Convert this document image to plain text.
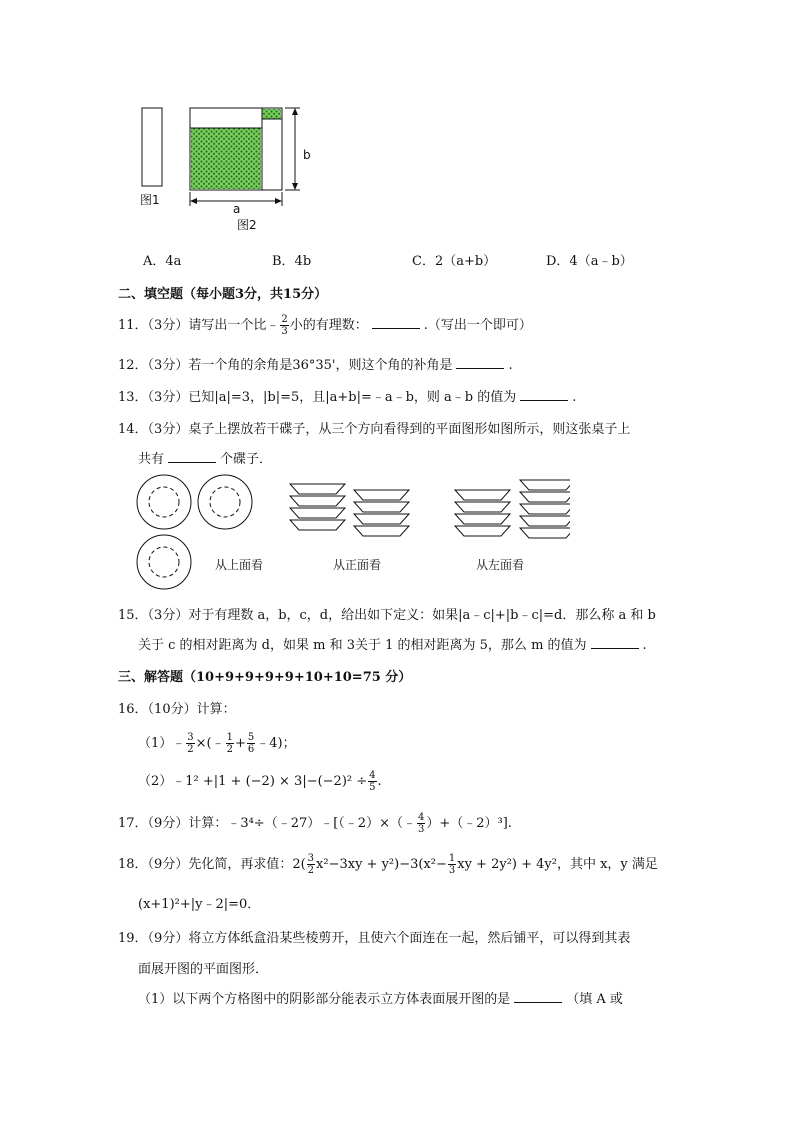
图1
b
a
图2
A．4a	B．4b	C．2（a+b）	D．4（a﹣b）
二、填空题（每小题3分，共15分）
11．（3分）请写出一个比﹣ $\frac{2}{3}$ 小的有理数：	.（写出一个即可）
12．（3分）若一个角的余角是36°35'，则这个角的补角是	.
13．（3分）已知|a|=3，|b|=5，且|a+b|=﹣a﹣b，则 a﹣b 的值为	.
14．（3分）桌子上摆放若干碟子，从三个方向看得到的平面图形如图所示，则这张桌子上
共有	个碟子．
从上面看	从正面看	从左面看
15．（3分）对于有理数 a，b，c，d，给出如下定义：如果|a﹣c|+|b﹣c|=d．那么称 a 和 b
关于 c 的相对距离为 d，如果 m 和 3关于 1 的相对距离为 5，那么 m 的值为	.
三、解答题（10+9+9+9+9+10+10=75 分）
16．（10分）计算：
（1）﹣ $\frac{3}{2}$ ×(﹣ $\frac{1}{2} + \frac{5}{6}$ ﹣4)；
（2）﹣1² $+|1 + (-2) \times 3|-(-2)^2 \div \frac{4}{5}$ .
17．（9分）计算：﹣3⁴÷（﹣27）﹣[（﹣2）×（﹣ $\frac{4}{3}$ ）+（﹣2）³].
18．（9分）先化简，再求值：$2( \frac{3}{2} x^2-3xy + y^2)-3(x^2- \frac{1}{3}$ xy + 2y²) + 4y²，其中 x，y 满足
(x+1)²+|y﹣2|=0．
19．（9分）将立方体纸盒沿某些棱剪开，且使六个面连在一起，然后铺平，可以得到其表
面展开图的平面图形．
（1）以下两个方格图中的阴影部分能表示立方体表面展开图的是	（填 A 或
